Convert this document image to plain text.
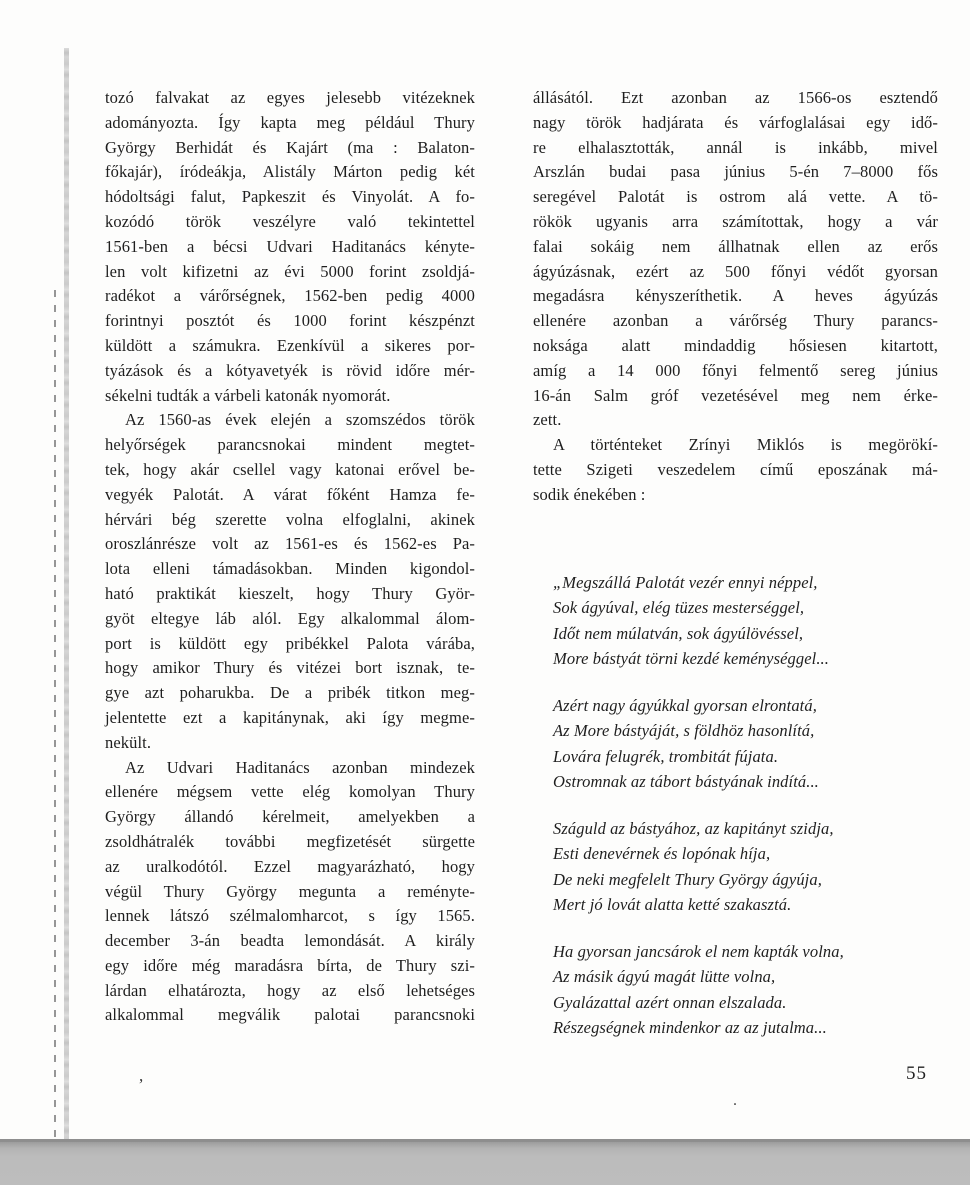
tozó falvakat az egyes jelesebb vitézeknek
adományozta. Így kapta meg például Thury
György Berhidát és Kajárt (ma : Balaton-
főkajár), íródeákja, Alistály Márton pedig két
hódoltsági falut, Papkeszit és Vinyolát. A fo-
kozódó török veszélyre való tekintettel
1561-ben a bécsi Udvari Haditanács kényte-
len volt kifizetni az évi 5000 forint zsoldjá-
radékot a várőrségnek, 1562-ben pedig 4000
forintnyi posztót és 1000 forint készpénzt
küldött a számukra. Ezenkívül a sikeres por-
tyázások és a kótyavetyék is rövid időre mér-
sékelni tudták a várbeli katonák nyomorát.
Az 1560-as évek elején a szomszédos török
helyőrségek parancsnokai mindent megtet-
tek, hogy akár csellel vagy katonai erővel be-
vegyék Palotát. A várat főként Hamza fe-
hérvári bég szerette volna elfoglalni, akinek
oroszlánrésze volt az 1561-es és 1562-es Pa-
lota elleni támadásokban. Minden kigondol-
ható praktikát kieszelt, hogy Thury Györ-
gyöt eltegye láb alól. Egy alkalommal álom-
port is küldött egy pribékkel Palota várába,
hogy amikor Thury és vitézei bort isznak, te-
gye azt poharukba. De a pribék titkon meg-
jelentette ezt a kapitánynak, aki így megme-
nekült.
Az Udvari Haditanács azonban mindezek
ellenére mégsem vette elég komolyan Thury
György állandó kérelmeit, amelyekben a
zsoldhátralék további megfizetését sürgette
az uralkodótól. Ezzel magyarázható, hogy
végül Thury György megunta a reményte-
lennek látszó szélmalomharcot, s így 1565.
december 3-án beadta lemondását. A király
egy időre még maradásra bírta, de Thury szi-
lárdan elhatározta, hogy az első lehetséges
alkalommal megválik palotai parancsnoki
állásától. Ezt azonban az 1566-os esztendő
nagy török hadjárata és várfoglalásai egy idő-
re elhalasztották, annál is inkább, mivel
Arszlán budai pasa június 5-én 7–8000 fős
seregével Palotát is ostrom alá vette. A tö-
rökök ugyanis arra számítottak, hogy a vár
falai sokáig nem állhatnak ellen az erős
ágyúzásnak, ezért az 500 főnyi védőt gyorsan
megadásra kényszeríthetik. A heves ágyúzás
ellenére azonban a várőrség Thury parancs-
noksága alatt mindaddig hősiesen kitartott,
amíg a 14 000 főnyi felmentő sereg június
16-án Salm gróf vezetésével meg nem érke-
zett.
A történteket Zrínyi Miklós is megörökí-
tette Szigeti veszedelem című eposzának má-
sodik énekében :
„Megszállá Palotát vezér ennyi néppel,
Sok ágyúval, elég tüzes mesterséggel,
Időt nem múlatván, sok ágyúlövéssel,
More bástyát törni kezdé keménységgel...
Azért nagy ágyúkkal gyorsan elrontatá,
Az More bástyáját, s földhöz hasonlítá,
Lovára felugrék, trombitát fújata.
Ostromnak az tábort bástyának indítá...
Száguld az bástyához, az kapitányt szidja,
Esti denevérnek és lopónak híja,
De neki megfelelt Thury György ágyúja,
Mert jó lovát alatta ketté szakasztá.
Ha gyorsan jancsárok el nem kapták volna,
Az másik ágyú magát lütte volna,
Gyalázattal azért onnan elszalada.
Részegségnek mindenkor az az jutalma...
,
.
55
